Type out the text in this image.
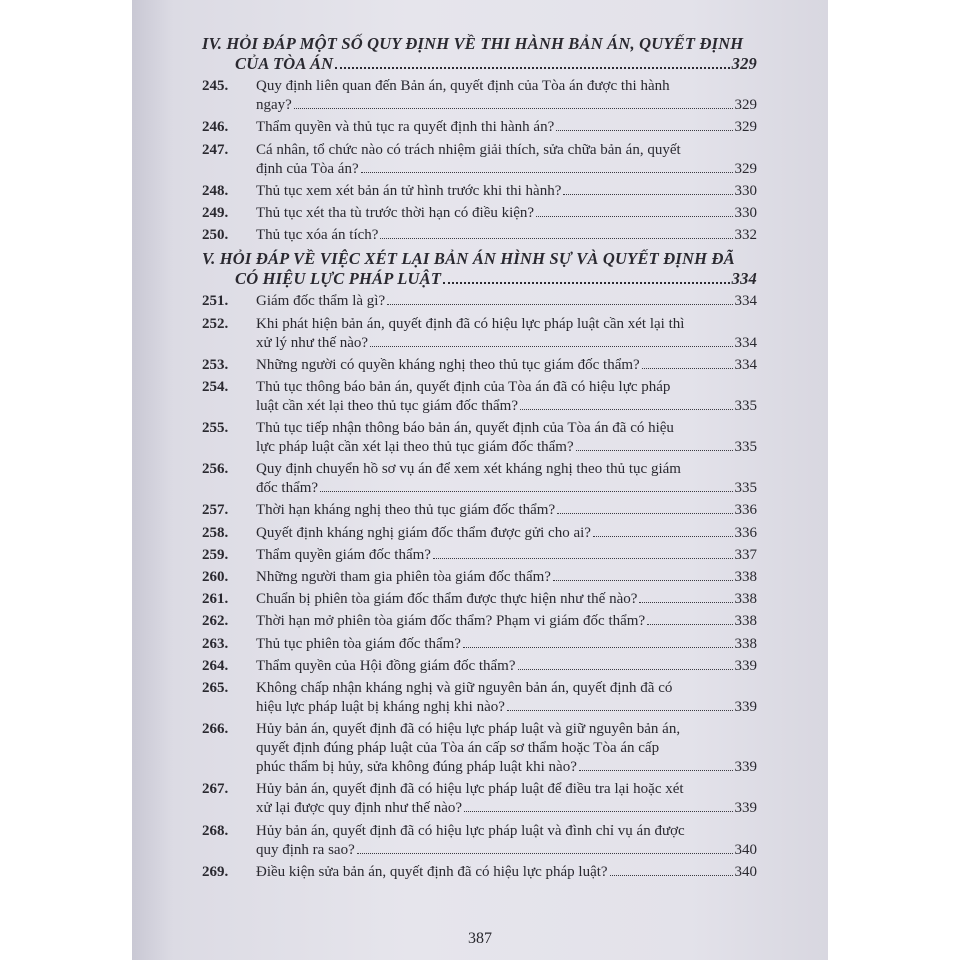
IV. HỎI ĐÁP MỘT SỐ QUY ĐỊNH VỀ THI HÀNH BẢN ÁN, QUYẾT ĐỊNH
CỦA TÒA ÁN	329
245.	Quy định liên quan đến Bản án, quyết định của Tòa án được thi hành
ngay?	329
246.	Thẩm quyền và thủ tục ra quyết định thi hành án?	329
247.	Cá nhân, tổ chức nào có trách nhiệm giải thích, sửa chữa bản án, quyết
định của Tòa án?	329
248.	Thủ tục xem xét bản án tử hình trước khi thi hành?	330
249.	Thủ tục xét tha tù trước thời hạn có điều kiện?	330
250.	Thủ tục xóa án tích?	332
V. HỎI ĐÁP VỀ VIỆC XÉT LẠI BẢN ÁN HÌNH SỰ VÀ QUYẾT ĐỊNH ĐÃ
CÓ HIỆU LỰC PHÁP LUẬT	334
251.	Giám đốc thẩm là gì?	334
252.	Khi phát hiện bản án, quyết định đã có hiệu lực pháp luật cần xét lại thì
xử lý như thế nào?	334
253.	Những người có quyền kháng nghị theo thủ tục giám đốc thẩm?	334
254.	Thủ tục thông báo bản án, quyết định của Tòa án đã có hiệu lực pháp
luật cần xét lại theo thủ tục giám đốc thẩm?	335
255.	Thủ tục tiếp nhận thông báo bản án, quyết định của Tòa án đã có hiệu
lực pháp luật cần xét lại theo thủ tục giám đốc thẩm?	335
256.	Quy định chuyển hồ sơ vụ án để xem xét kháng nghị theo thủ tục giám
đốc thẩm?	335
257.	Thời hạn kháng nghị theo thủ tục giám đốc thẩm?	336
258.	Quyết định kháng nghị giám đốc thẩm được gửi cho ai?	336
259.	Thẩm quyền giám đốc thẩm?	337
260.	Những người tham gia phiên tòa giám đốc thẩm?	338
261.	Chuẩn bị phiên tòa giám đốc thẩm được thực hiện như thế nào?	338
262.	Thời hạn mở phiên tòa giám đốc thẩm? Phạm vi giám đốc thẩm?	338
263.	Thủ tục phiên tòa giám đốc thẩm?	338
264.	Thẩm quyền của Hội đồng giám đốc thẩm?	339
265.	Không chấp nhận kháng nghị và giữ nguyên bản án, quyết định đã có
hiệu lực pháp luật bị kháng nghị khi nào?	339
266.	Hủy bản án, quyết định đã có hiệu lực pháp luật và giữ nguyên bản án,
quyết định đúng pháp luật của Tòa án cấp sơ thẩm hoặc Tòa án cấp
phúc thẩm bị hủy, sửa không đúng pháp luật khi nào?	339
267.	Hủy bản án, quyết định đã có hiệu lực pháp luật để điều tra lại hoặc xét
xử lại được quy định như thế nào?	339
268.	Hủy bản án, quyết định đã có hiệu lực pháp luật và đình chỉ vụ án được
quy định ra sao?	340
269.	Điều kiện sửa bản án, quyết định đã có hiệu lực pháp luật?	340
387
